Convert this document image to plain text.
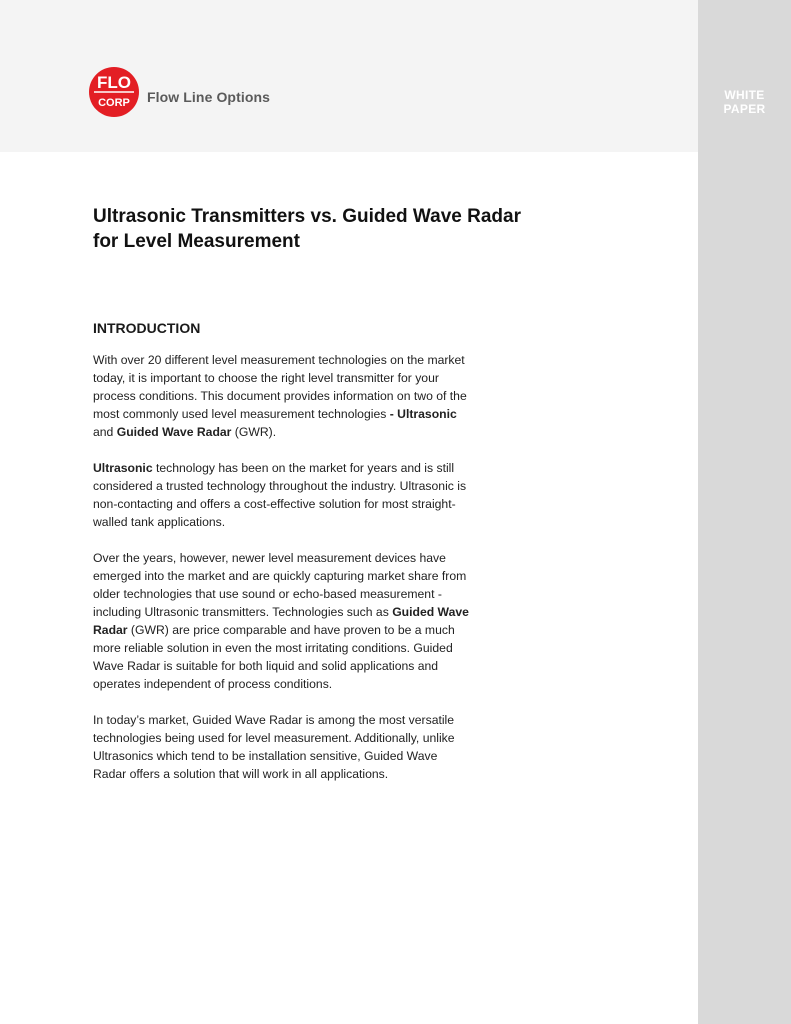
FLO
CORP Flow Line Options	WHITE
PAPER
Ultrasonic Transmitters vs. Guided Wave Radar
for Level Measurement
INTRODUCTION

With over 20 different level measurement technologies on the market today, it is important to choose the right level transmitter for your process conditions. This document provides information on two of the most commonly used level measurement technologies - Ultrasonic and Guided Wave Radar (GWR).

Ultrasonic technology has been on the market for years and is still considered a trusted technology throughout the industry. Ultrasonic is non-contacting and offers a cost-effective solution for most straight-walled tank applications.

Over the years, however, newer level measurement devices have emerged into the market and are quickly capturing market share from older technologies that use sound or echo-based measurement - including Ultrasonic transmitters. Technologies such as Guided Wave Radar (GWR) are price comparable and have proven to be a much more reliable solution in even the most irritating conditions. Guided Wave Radar is suitable for both liquid and solid applications and operates independent of process conditions.

In today’s market, Guided Wave Radar is among the most versatile technologies being used for level measurement. Additionally, unlike Ultrasonics which tend to be installation sensitive, Guided Wave Radar offers a solution that will work in all applications.
